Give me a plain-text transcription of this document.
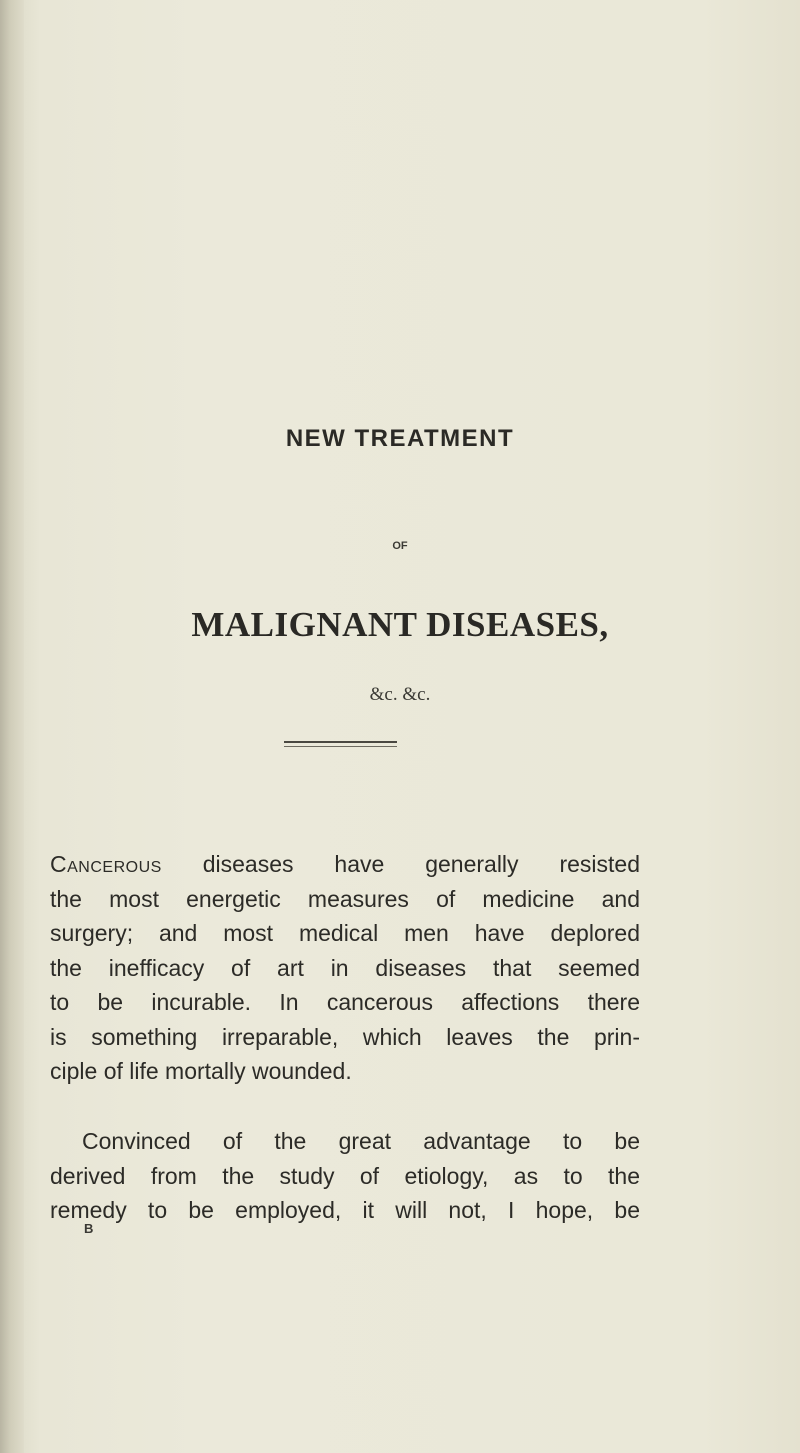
NEW TREATMENT
OF
MALIGNANT DISEASES,
&c. &c.
Cancerous diseases have generally resisted
the most energetic measures of medicine and
surgery; and most medical men have deplored
the inefficacy of art in diseases that seemed
to be incurable. In cancerous affections there
is something irreparable, which leaves the prin-
ciple of life mortally wounded.
Convinced of the great advantage to be
derived from the study of etiology, as to the
remedy to be employed, it will not, I hope, be
B
